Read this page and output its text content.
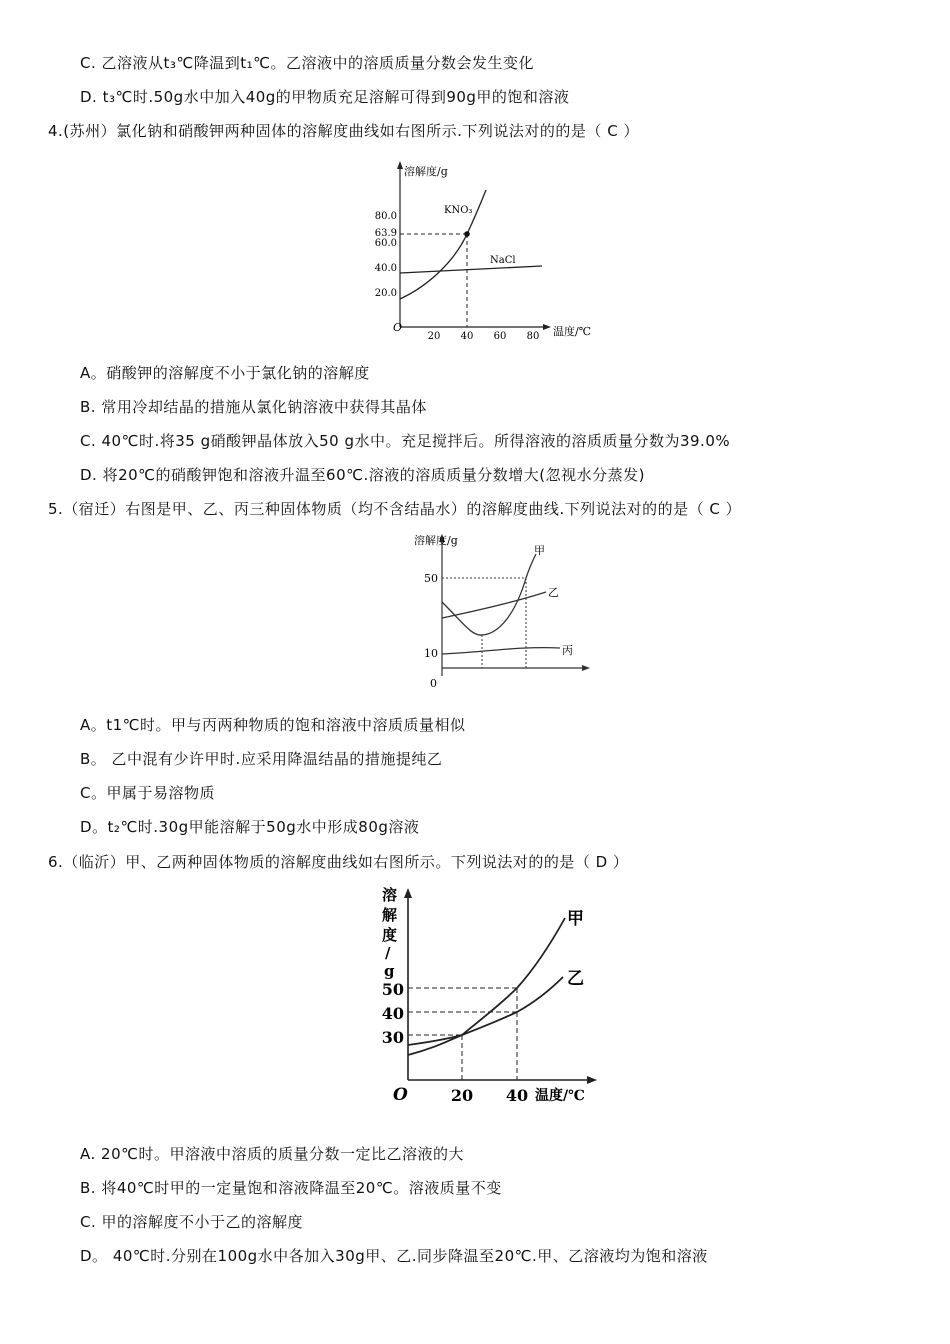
C. 乙溶液从t₃℃降温到t₁℃。乙溶液中的溶质质量分数会发生变化
D. t₃℃时.50g水中加入40g的甲物质充足溶解可得到90g甲的饱和溶液
4.(苏州）氯化钠和硝酸钾两种固体的溶解度曲线如右图所示.下列说法对的的是（ C ）
溶解度/g
温度/℃
O
80.0
63.9
60.0
40.0
20.0
20 40 60 80
KNO₃
NaCl
A。硝酸钾的溶解度不小于氯化钠的溶解度
B. 常用冷却结晶的措施从氯化钠溶液中获得其晶体
C. 40℃时.将35 g硝酸钾晶体放入50 g水中。充足搅拌后。所得溶液的溶质质量分数为39.0%
D. 将20℃的硝酸钾饱和溶液升温至60℃.溶液的溶质质量分数增大(忽视水分蒸发)
5.（宿迁）右图是甲、乙、丙三种固体物质（均不含结晶水）的溶解度曲线.下列说法对的的是（ C ）
溶解度/g
0
50
10
甲
乙
丙
A。t1℃时。甲与丙两种物质的饱和溶液中溶质质量相似
B。 乙中混有少许甲时.应采用降温结晶的措施提纯乙
C。甲属于易溶物质
D。t₂℃时.30g甲能溶解于50g水中形成80g溶液
6.（临沂）甲、乙两种固体物质的溶解度曲线如右图所示。下列说法对的的是（ D ）
溶
解
度
/
g
O
50
40
30
20 40 温度/℃
甲
乙
A. 20℃时。甲溶液中溶质的质量分数一定比乙溶液的大
B. 将40℃时甲的一定量饱和溶液降温至20℃。溶液质量不变
C. 甲的溶解度不小于乙的溶解度
D。 40℃时.分别在100g水中各加入30g甲、乙.同步降温至20℃.甲、乙溶液均为饱和溶液
